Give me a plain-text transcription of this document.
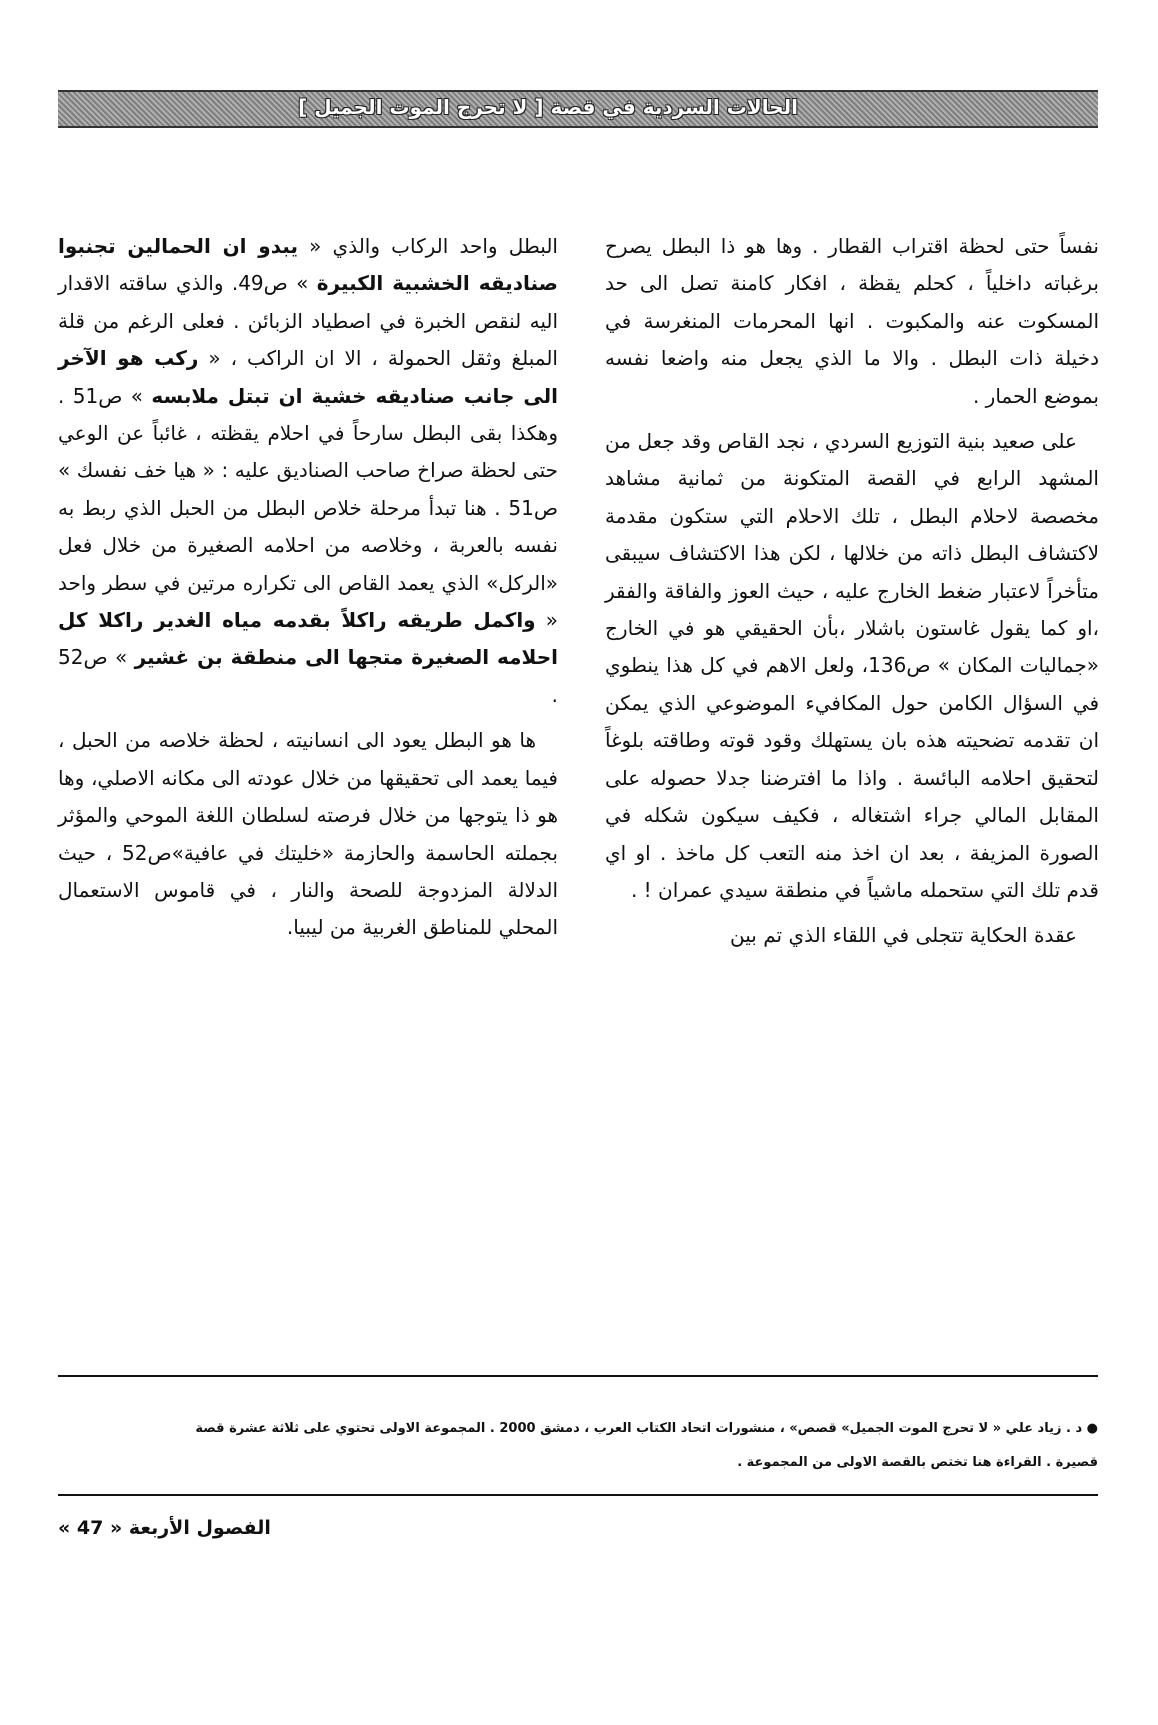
الحالات السردية في قصة [ لا تحرج الموت الجميل ]

نفساً حتى لحظة اقتراب القطار . وها هو ذا البطل يصرح برغباته داخلياً ، كحلم يقظة ، افكار كامنة تصل الى حد المسكوت عنه والمكبوت . انها المحرمات المنغرسة في دخيلة ذات البطل . والا ما الذي يجعل منه واضعا نفسه بموضع الحمار .

على صعيد بنية التوزيع السردي ، نجد القاص وقد جعل من المشهد الرابع في القصة المتكونة من ثمانية مشاهد مخصصة لاحلام البطل ، تلك الاحلام التي ستكون مقدمة لاكتشاف البطل ذاته من خلالها ، لكن هذا الاكتشاف سيبقى متأخراً لاعتبار ضغط الخارج عليه ، حيث العوز والفاقة والفقر ،او كما يقول غاستون باشلار ،بأن الحقيقي هو في الخارج «جماليات المكان » ص136، ولعل الاهم في كل هذا ينطوي في السؤال الكامن حول المكافيء الموضوعي الذي يمكن ان تقدمه تضحيته هذه بان يستهلك وقود قوته وطاقته بلوغاً لتحقيق احلامه البائسة . واذا ما افترضنا جدلا حصوله على المقابل المالي جراء اشتغاله ، فكيف سيكون شكله في الصورة المزيفة ، بعد ان اخذ منه التعب كل ماخذ . او اي قدم تلك التي ستحمله ماشياً في منطقة سيدي عمران ! .

عقدة الحكاية تتجلى في اللقاء الذي تم بين

البطل واحد الركاب والذي « يبدو ان الحمالين تجنبوا صناديقه الخشبية الكبيرة » ص49. والذي ساقته الاقدار اليه لنقص الخبرة في اصطياد الزبائن . فعلى الرغم من قلة المبلغ وثقل الحمولة ، الا ان الراكب ، « ركب هو الآخر الى جانب صناديقه خشية ان تبتل ملابسه » ص51 . وهكذا بقى البطل سارحاً في احلام يقظته ، غائباً عن الوعي حتى لحظة صراخ صاحب الصناديق عليه : « هيا خف نفسك » ص51 . هنا تبدأ مرحلة خلاص البطل من الحبل الذي ربط به نفسه بالعربة ، وخلاصه من احلامه الصغيرة من خلال فعل «الركل» الذي يعمد القاص الى تكراره مرتين في سطر واحد « واكمل طريقه راكلاً بقدمه مياه الغدير راكلا كل احلامه الصغيرة متجها الى منطقة بن غشير » ص52 .

ها هو البطل يعود الى انسانيته ، لحظة خلاصه من الحبل ، فيما يعمد الى تحقيقها من خلال عودته الى مكانه الاصلي، وها هو ذا يتوجها من خلال فرصته لسلطان اللغة الموحي والمؤثر بجملته الحاسمة والحازمة «خليتك في عافية»ص52 ، حيث الدلالة المزدوجة للصحة والنار ، في قاموس الاستعمال المحلي للمناطق الغربية من ليبيا.

● د . زياد علي « لا تحرج الموت الجميل» قصص» ، منشورات اتحاد الكتاب العرب ، دمشق 2000 . المجموعة الاولى تحتوي على ثلاثة عشرة قصة

قصيرة . القراءة هنا تختص بالقصة الاولى من المجموعة .

الفصول الأربعة « 47 »
